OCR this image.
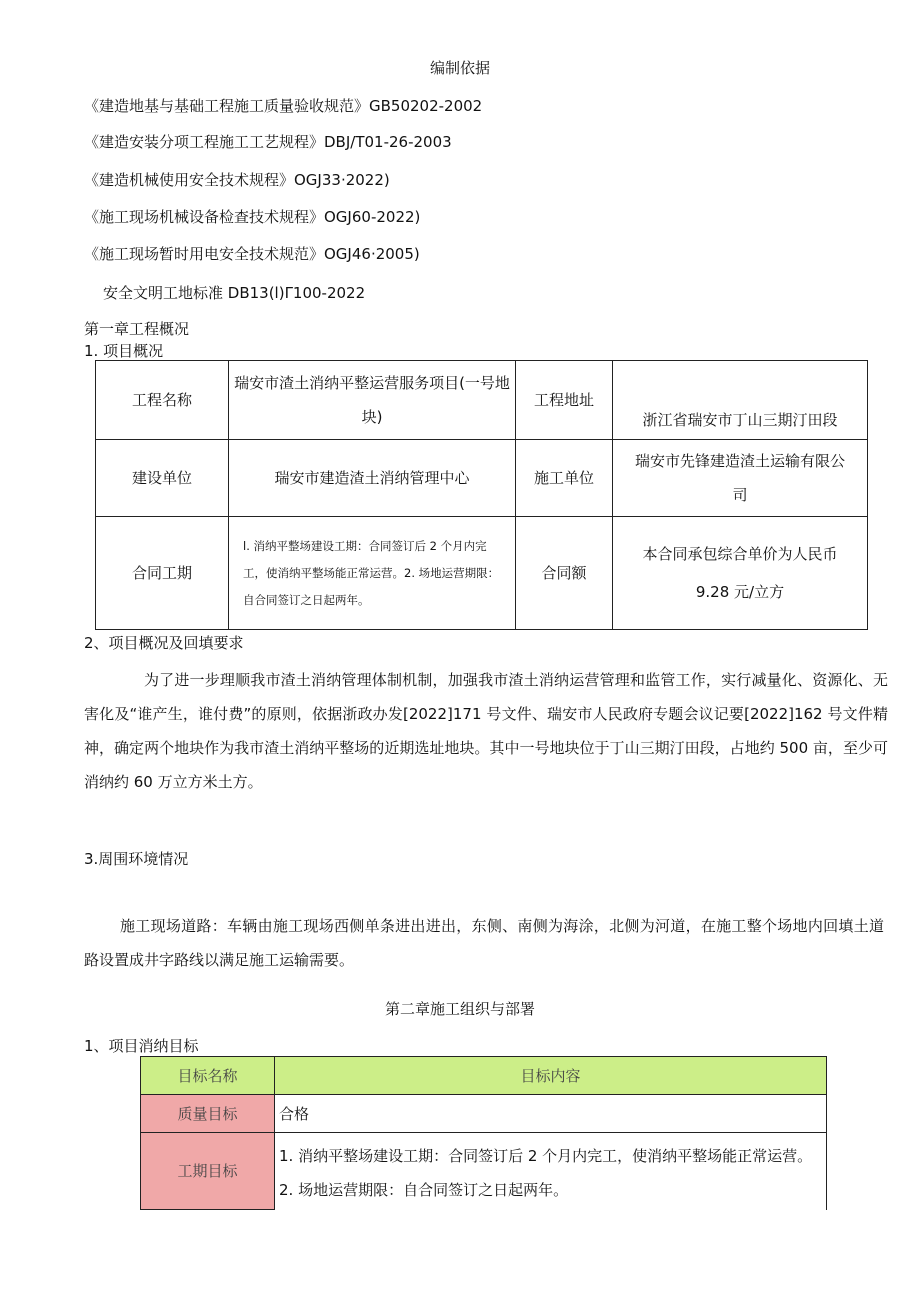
编制依据
《建造地基与基础工程施工质量验收规范》GB50202-2002
《建造安装分项工程施工工艺规程》DBJ/T01-26-2003
《建造机械使用安全技术规程》OGJ33·2022)
《施工现场机械设备检查技术规程》OGJ60-2022)
《施工现场暂时用电安全技术规范》OGJ46·2005)
安全文明工地标准 DB13(l)Γ100-2022
第一章工程概况
1. 项目概况
工程名称	瑞安市渣土消纳平整运营服务项目(一号地块)	工程地址	浙江省瑞安市丁山三期汀田段
建设单位	瑞安市建造渣土消纳管理中心	施工单位	瑞安市先锋建造渣土运输有限公司
合同工期	l. 消纳平整场建设工期：合同签订后 2 个月内完工，使消纳平整场能正常运营。2. 场地运营期限：自合同签订之日起两年。	合同额	本合同承包综合单价为人民币 9.28 元/立方
2、项目概况及回填要求
为了进一步理顺我市渣土消纳管理体制机制，加强我市渣土消纳运营管理和监管工作，实行减量化、资源化、无害化及“谁产生，谁付费”的原则，依据浙政办发[2022]171 号文件、瑞安市人民政府专题会议记要[2022]162 号文件精神，确定两个地块作为我市渣土消纳平整场的近期选址地块。其中一号地块位于丁山三期汀田段，占地约 500 亩，至少可消纳约 60 万立方米土方。
3.周围环境情况
施工现场道路：车辆由施工现场西侧单条进出进出，东侧、南侧为海涂，北侧为河道，在施工整个场地内回填土道路设置成井字路线以满足施工运输需要。
第二章施工组织与部署
1、项目消纳目标
目标名称	目标内容
质量目标	合格
工期目标	1. 消纳平整场建设工期：合同签订后 2 个月内完工，使消纳平整场能正常运营。2. 场地运营期限：自合同签订之日起两年。
